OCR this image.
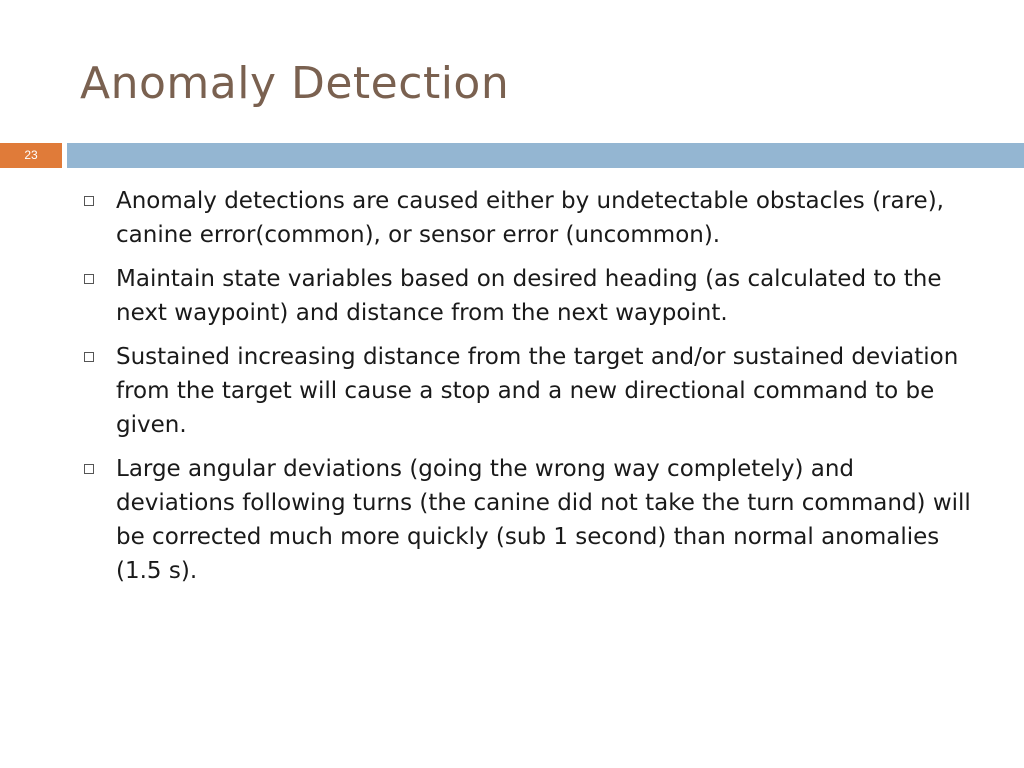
Anomaly Detection
23
Anomaly detections are caused either by undetectable obstacles (rare), canine error(common), or sensor error (uncommon).
Maintain state variables based on desired heading (as calculated to the next waypoint) and distance from the next waypoint.
Sustained increasing distance from the target and/or sustained deviation from the target will cause a stop and a new directional command to be given.
Large angular deviations (going the wrong way completely) and deviations following turns (the canine did not take the turn command) will be corrected much more quickly (sub 1 second) than normal anomalies (1.5 s).
